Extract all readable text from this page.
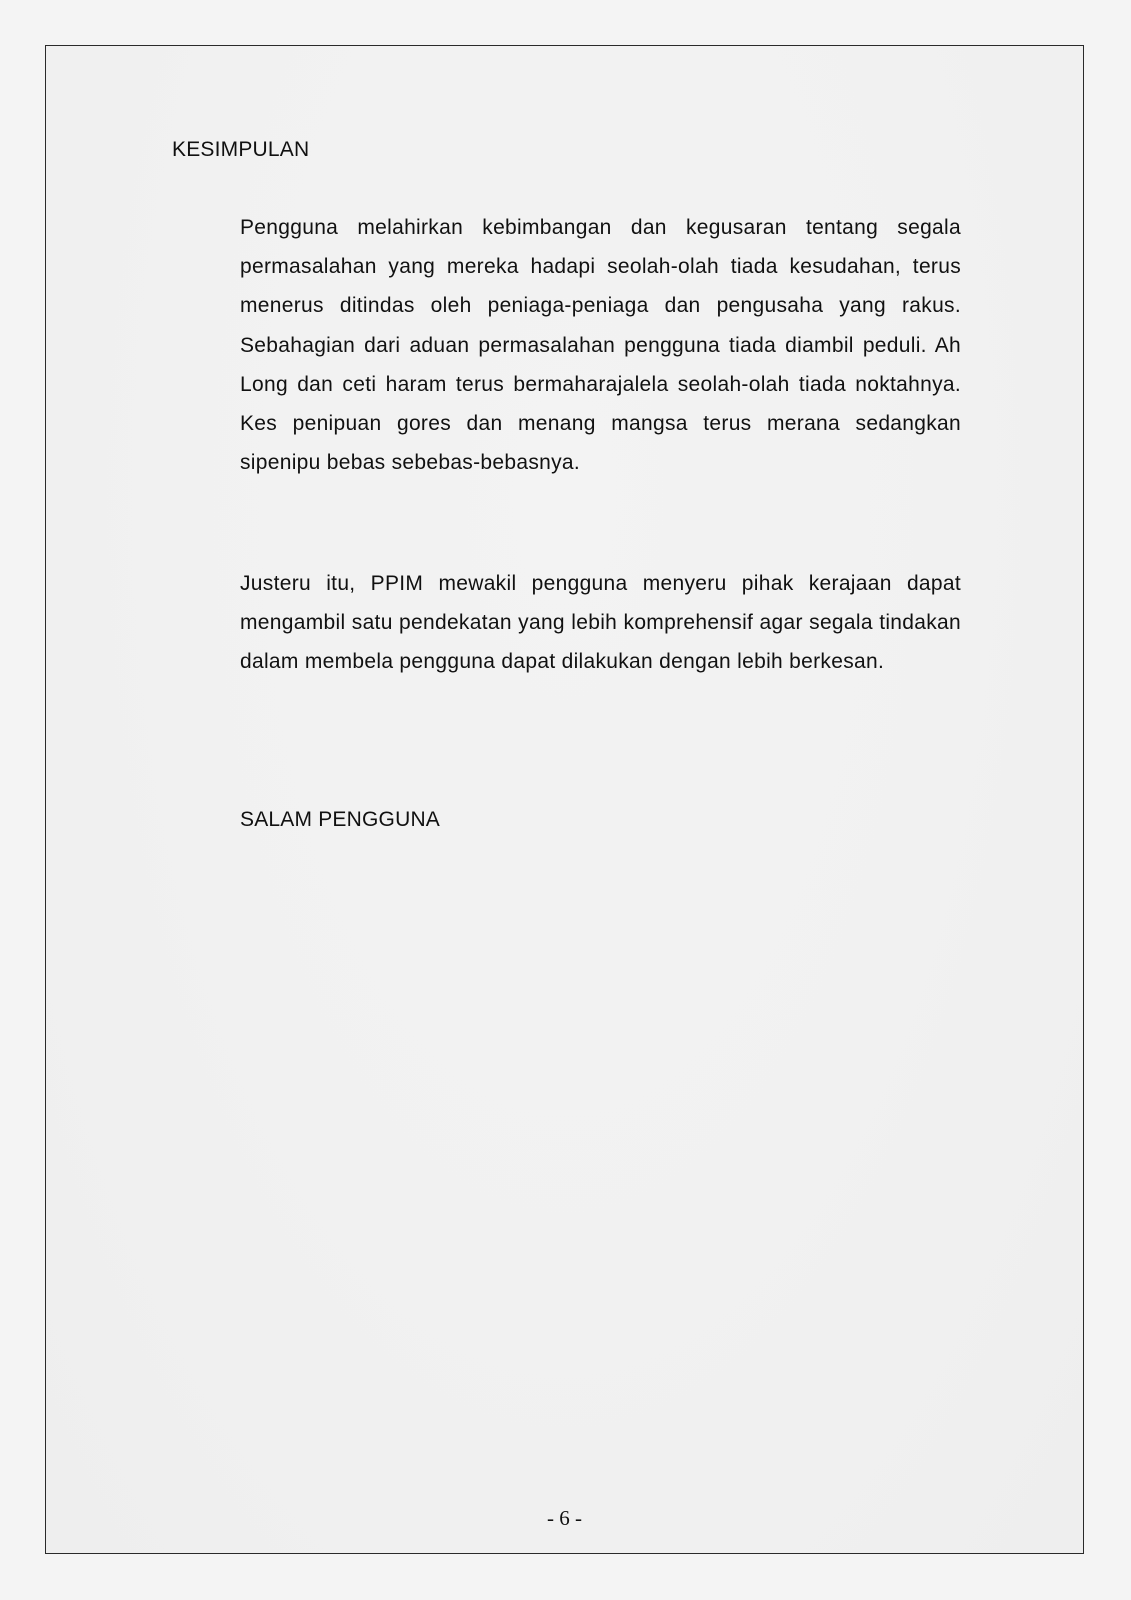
KESIMPULAN

Pengguna melahirkan kebimbangan dan kegusaran tentang segala permasalahan yang mereka hadapi seolah-olah tiada kesudahan, terus menerus ditindas oleh peniaga-peniaga dan pengusaha yang rakus. Sebahagian dari aduan permasalahan pengguna tiada diambil peduli. Ah Long dan ceti haram terus bermaharajalela seolah-olah tiada noktahnya. Kes penipuan gores dan menang mangsa terus merana sedangkan sipenipu bebas sebebas-bebasnya.

Justeru itu, PPIM mewakil pengguna menyeru pihak kerajaan dapat mengambil satu pendekatan yang lebih komprehensif agar segala tindakan dalam membela pengguna dapat dilakukan dengan lebih berkesan.

SALAM PENGGUNA

- 6 -
